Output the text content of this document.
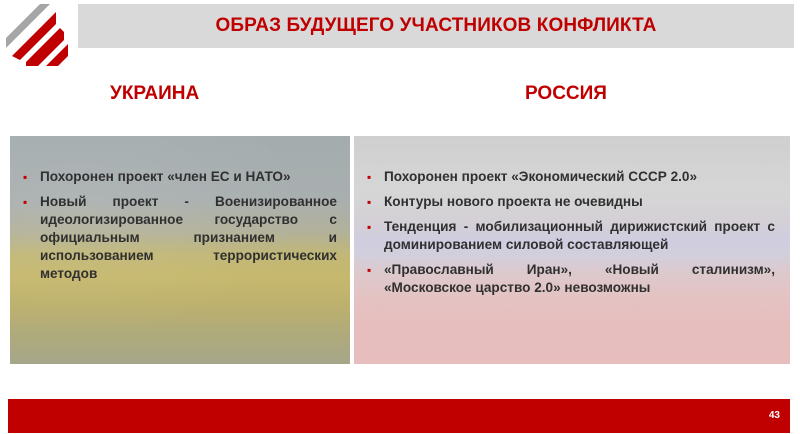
ОБРАЗ БУДУЩЕГО УЧАСТНИКОВ КОНФЛИКТА
УКРАИНА	РОССИЯ
▪ Похоронен проект «член ЕС и НАТО»
▪ Новый проект - Военизированное идеологизированное государство с официальным признанием и использованием террористических методов
▪ Похоронен проект «Экономический СССР 2.0»
▪ Контуры нового проекта не очевидны
▪ Тенденция - мобилизационный дирижистский проект с доминированием силовой составляющей
▪ «Православный Иран», «Новый сталинизм», «Московское царство 2.0» невозможны
43
